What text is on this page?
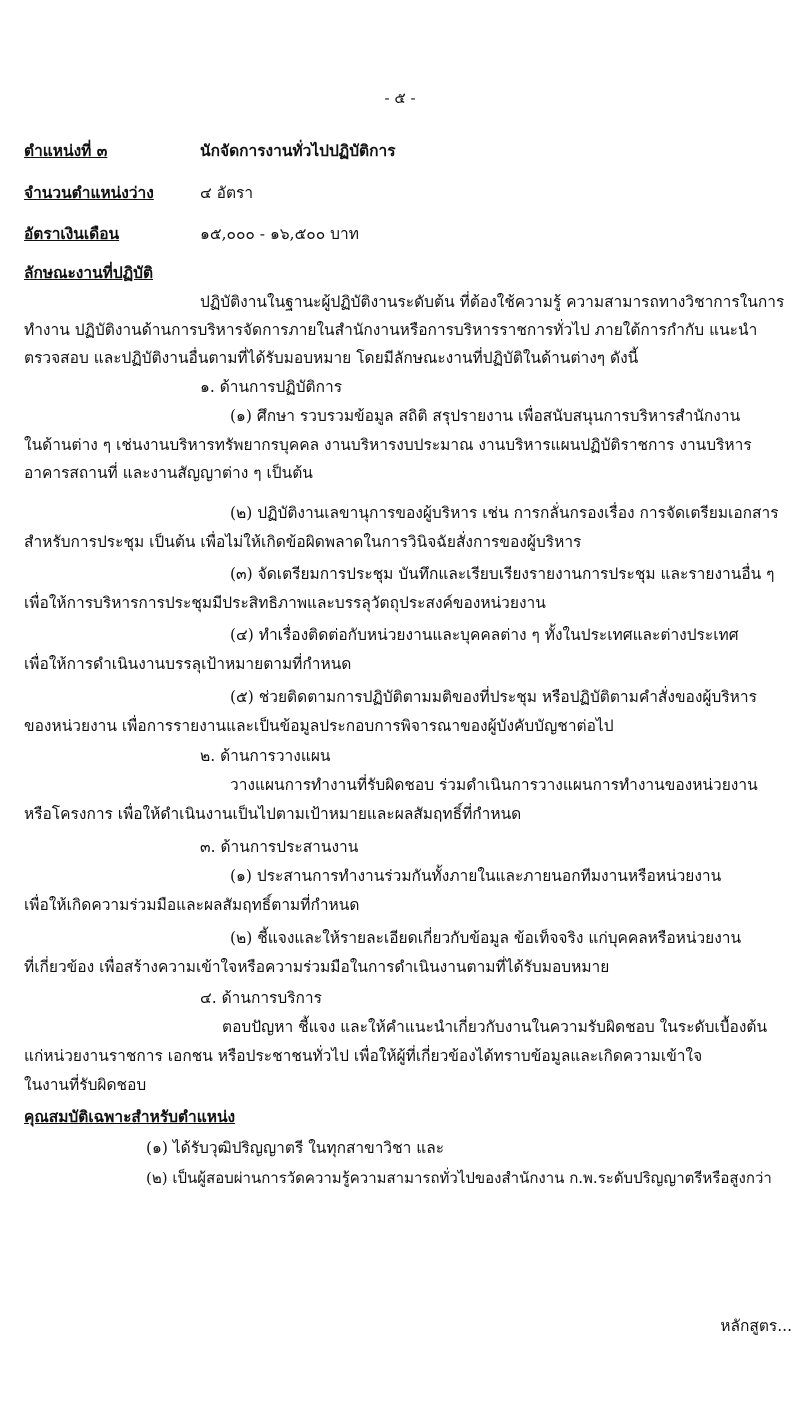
- ๕ -
ตำแหน่งที่ ๓	นักจัดการงานทั่วไปปฏิบัติการ
จำนวนตำแหน่งว่าง	๔ อัตรา
อัตราเงินเดือน	๑๕,๐๐๐ - ๑๖,๕๐๐ บาท
ลักษณะงานที่ปฏิบัติ
ปฏิบัติงานในฐานะผู้ปฏิบัติงานระดับต้น ที่ต้องใช้ความรู้ ความสามารถทางวิชาการในการ
ทำงาน ปฏิบัติงานด้านการบริหารจัดการภายในสำนักงานหรือการบริหารราชการทั่วไป ภายใต้การกำกับ แนะนำ
ตรวจสอบ และปฏิบัติงานอื่นตามที่ได้รับมอบหมาย โดยมีลักษณะงานที่ปฏิบัติในด้านต่างๆ ดังนี้
๑. ด้านการปฏิบัติการ
(๑) ศึกษา รวบรวมข้อมูล สถิติ สรุปรายงาน เพื่อสนับสนุนการบริหารสำนักงาน
ในด้านต่าง ๆ เช่นงานบริหารทรัพยากรบุคคล งานบริหารงบประมาณ งานบริหารแผนปฏิบัติราชการ งานบริหาร
อาคารสถานที่ และงานสัญญาต่าง ๆ เป็นต้น
(๒) ปฏิบัติงานเลขานุการของผู้บริหาร เช่น การกลั่นกรองเรื่อง การจัดเตรียมเอกสาร
สำหรับการประชุม เป็นต้น เพื่อไม่ให้เกิดข้อผิดพลาดในการวินิจฉัยสั่งการของผู้บริหาร
(๓) จัดเตรียมการประชุม บันทึกและเรียบเรียงรายงานการประชุม และรายงานอื่น ๆ
เพื่อให้การบริหารการประชุมมีประสิทธิภาพและบรรลุวัตถุประสงค์ของหน่วยงาน
(๔) ทำเรื่องติดต่อกับหน่วยงานและบุคคลต่าง ๆ ทั้งในประเทศและต่างประเทศ
เพื่อให้การดำเนินงานบรรลุเป้าหมายตามที่กำหนด
(๕) ช่วยติดตามการปฏิบัติตามมติของที่ประชุม หรือปฏิบัติตามคำสั่งของผู้บริหาร
ของหน่วยงาน เพื่อการรายงานและเป็นข้อมูลประกอบการพิจารณาของผู้บังคับบัญชาต่อไป
๒. ด้านการวางแผน
วางแผนการทำงานที่รับผิดชอบ ร่วมดำเนินการวางแผนการทำงานของหน่วยงาน
หรือโครงการ เพื่อให้ดำเนินงานเป็นไปตามเป้าหมายและผลสัมฤทธิ์ที่กำหนด
๓. ด้านการประสานงาน
(๑) ประสานการทำงานร่วมกันทั้งภายในและภายนอกทีมงานหรือหน่วยงาน
เพื่อให้เกิดความร่วมมือและผลสัมฤทธิ์ตามที่กำหนด
(๒) ชี้แจงและให้รายละเอียดเกี่ยวกับข้อมูล ข้อเท็จจริง แก่บุคคลหรือหน่วยงาน
ที่เกี่ยวข้อง เพื่อสร้างความเข้าใจหรือความร่วมมือในการดำเนินงานตามที่ได้รับมอบหมาย
๔. ด้านการบริการ
ตอบปัญหา ชี้แจง และให้คำแนะนำเกี่ยวกับงานในความรับผิดชอบ ในระดับเบื้องต้น
แก่หน่วยงานราชการ เอกชน หรือประชาชนทั่วไป เพื่อให้ผู้ที่เกี่ยวข้องได้ทราบข้อมูลและเกิดความเข้าใจ
ในงานที่รับผิดชอบ
คุณสมบัติเฉพาะสำหรับตำแหน่ง
(๑) ได้รับวุฒิปริญญาตรี ในทุกสาขาวิชา และ
(๒) เป็นผู้สอบผ่านการวัดความรู้ความสามารถทั่วไปของสำนักงาน ก.พ.ระดับปริญญาตรีหรือสูงกว่า
หลักสูตร...
